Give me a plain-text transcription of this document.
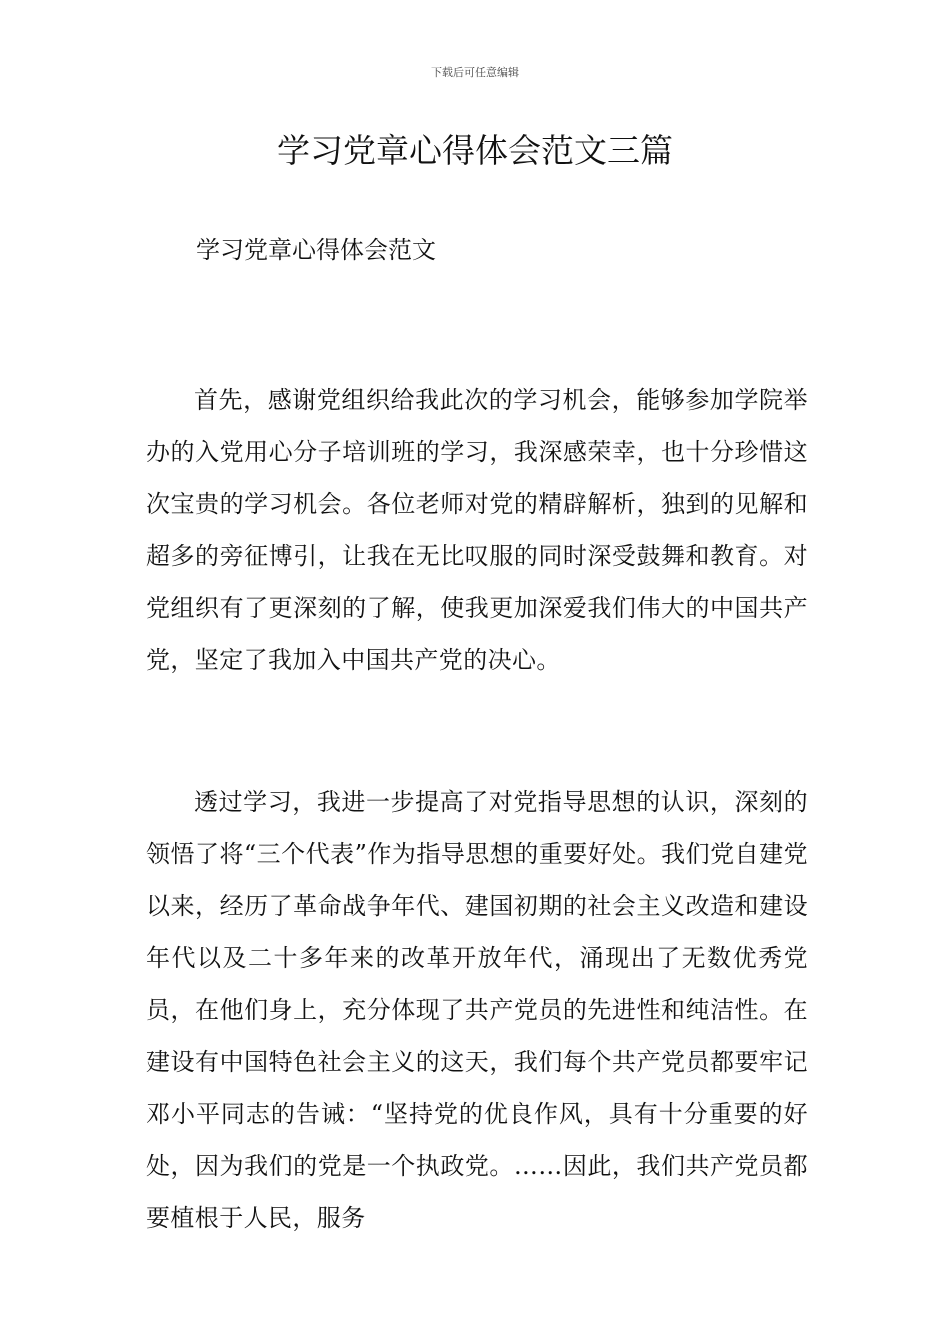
下载后可任意编辑
学习党章心得体会范文三篇

学习党章心得体会范文

首先，感谢党组织给我此次的学习机会，能够参加学院举办的入党用心分子培训班的学习，我深感荣幸，也十分珍惜这次宝贵的学习机会。各位老师对党的精辟解析，独到的见解和超多的旁征博引，让我在无比叹服的同时深受鼓舞和教育。对党组织有了更深刻的了解，使我更加深爱我们伟大的中国共产党，坚定了我加入中国共产党的决心。

透过学习，我进一步提高了对党指导思想的认识，深刻的领悟了将“三个代表”作为指导思想的重要好处。我们党自建党以来，经历了革命战争年代、建国初期的社会主义改造和建设年代以及二十多年来的改革开放年代，涌现出了无数优秀党员，在他们身上，充分体现了共产党员的先进性和纯洁性。在建设有中国特色社会主义的这天，我们每个共产党员都要牢记邓小平同志的告诫：“坚持党的优良作风，具有十分重要的好处，因为我们的党是一个执政党。……因此，我们共产党员都要植根于人民，服务
